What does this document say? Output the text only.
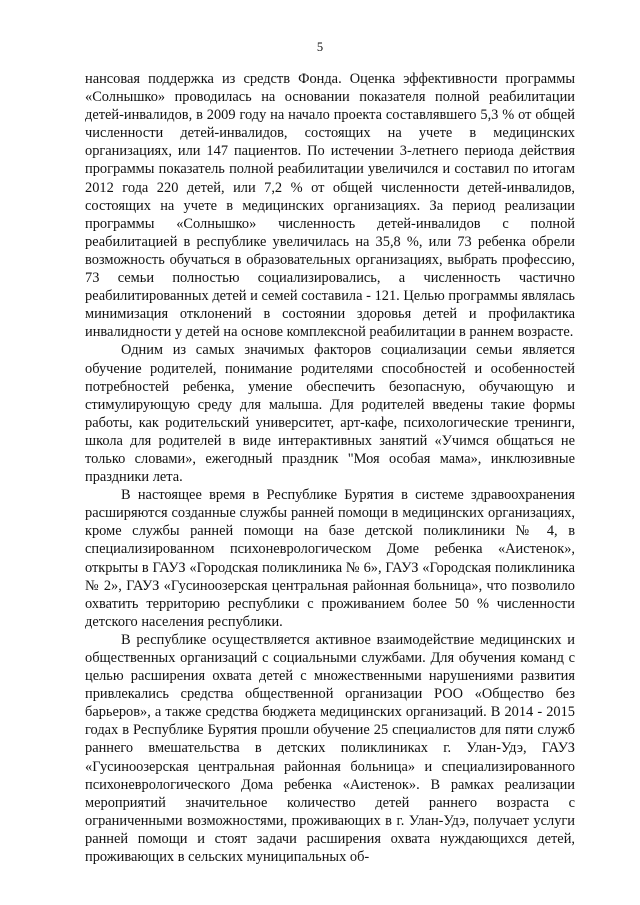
5

нансовая поддержка из средств Фонда. Оценка эффективности программы «Солнышко» проводилась на основании показателя полной реабилитации детей-инвалидов, в 2009 году на начало проекта составлявшего 5,3 % от общей численности детей-инвалидов, состоящих на учете в медицинских организациях, или 147 пациентов. По истечении 3-летнего периода действия программы показатель полной реабилитации увеличился и составил по итогам 2012 года 220 детей, или 7,2 % от общей численности детей-инвалидов, состоящих на учете в медицинских организациях. За период реализации программы «Солнышко» численность детей-инвалидов с полной реабилитацией в республике увеличилась на 35,8 %, или 73 ребенка обрели возможность обучаться в образовательных организациях, выбрать профессию, 73 семьи полностью социализировались, а численность частично реабилитированных детей и семей составила - 121. Целью программы являлась минимизация отклонений в состоянии здоровья детей и профилактика инвалидности у детей на основе комплексной реабилитации в раннем возрасте.

Одним из самых значимых факторов социализации семьи является обучение родителей, понимание родителями способностей и особенностей потребностей ребенка, умение обеспечить безопасную, обучающую и стимулирующую среду для малыша. Для родителей введены такие формы работы, как родительский университет, арт-кафе, психологические тренинги, школа для родителей в виде интерактивных занятий «Учимся общаться не только словами», ежегодный праздник "Моя особая мама», инклюзивные праздники лета.

В настоящее время в Республике Бурятия в системе здравоохранения расширяются созданные службы ранней помощи в медицинских организациях, кроме службы ранней помощи на базе детской поликлиники № 4, в специализированном психоневрологическом Доме ребенка «Аистенок», открыты в ГАУЗ «Городская поликлиника № 6», ГАУЗ «Городская поликлиника № 2», ГАУЗ «Гусиноозерская центральная районная больница», что позволило охватить территорию республики с проживанием более 50 % численности детского населения республики.

В республике осуществляется активное взаимодействие медицинских и общественных организаций с социальными службами. Для обучения команд с целью расширения охвата детей с множественными нарушениями развития привлекались средства общественной организации РОО «Общество без барьеров», а также средства бюджета медицинских организаций. В 2014 - 2015 годах в Республике Бурятия прошли обучение 25 специалистов для пяти служб раннего вмешательства в детских поликлиниках г. Улан-Удэ, ГАУЗ «Гусиноозерская центральная районная больница» и специализированного психоневрологического Дома ребенка «Аистенок». В рамках реализации мероприятий значительное количество детей раннего возраста с ограниченными возможностями, проживающих в г. Улан-Удэ, получает услуги ранней помощи и стоят задачи расширения охвата нуждающихся детей, проживающих в сельских муниципальных об-
